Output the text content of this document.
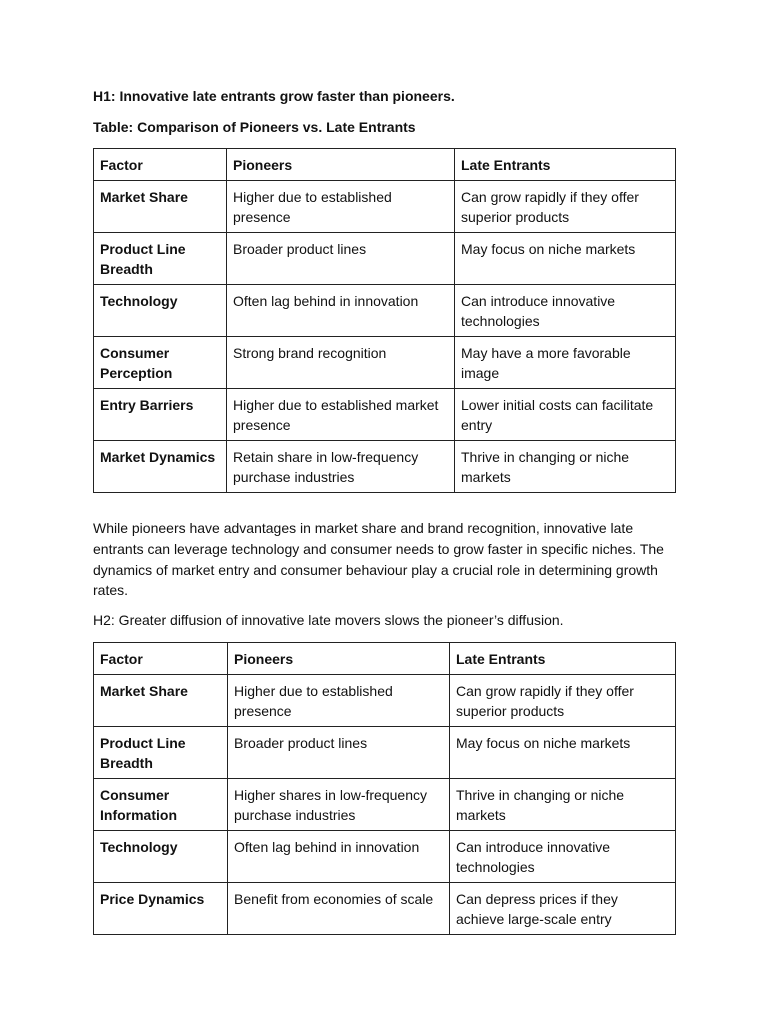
H1: Innovative late entrants grow faster than pioneers.

Table: Comparison of Pioneers vs. Late Entrants

Factor	Pioneers	Late Entrants
Market Share	Higher due to established presence	Can grow rapidly if they offer superior products
Product Line Breadth	Broader product lines	May focus on niche markets
Technology	Often lag behind in innovation	Can introduce innovative technologies
Consumer Perception	Strong brand recognition	May have a more favorable image
Entry Barriers	Higher due to established market presence	Lower initial costs can facilitate entry
Market Dynamics	Retain share in low-frequency purchase industries	Thrive in changing or niche markets

While pioneers have advantages in market share and brand recognition, innovative late entrants can leverage technology and consumer needs to grow faster in specific niches. The dynamics of market entry and consumer behaviour play a crucial role in determining growth rates.

H2: Greater diffusion of innovative late movers slows the pioneer’s diffusion.

Factor	Pioneers	Late Entrants
Market Share	Higher due to established presence	Can grow rapidly if they offer superior products
Product Line Breadth	Broader product lines	May focus on niche markets
Consumer Information	Higher shares in low-frequency purchase industries	Thrive in changing or niche markets
Technology	Often lag behind in innovation	Can introduce innovative technologies
Price Dynamics	Benefit from economies of scale	Can depress prices if they achieve large-scale entry
